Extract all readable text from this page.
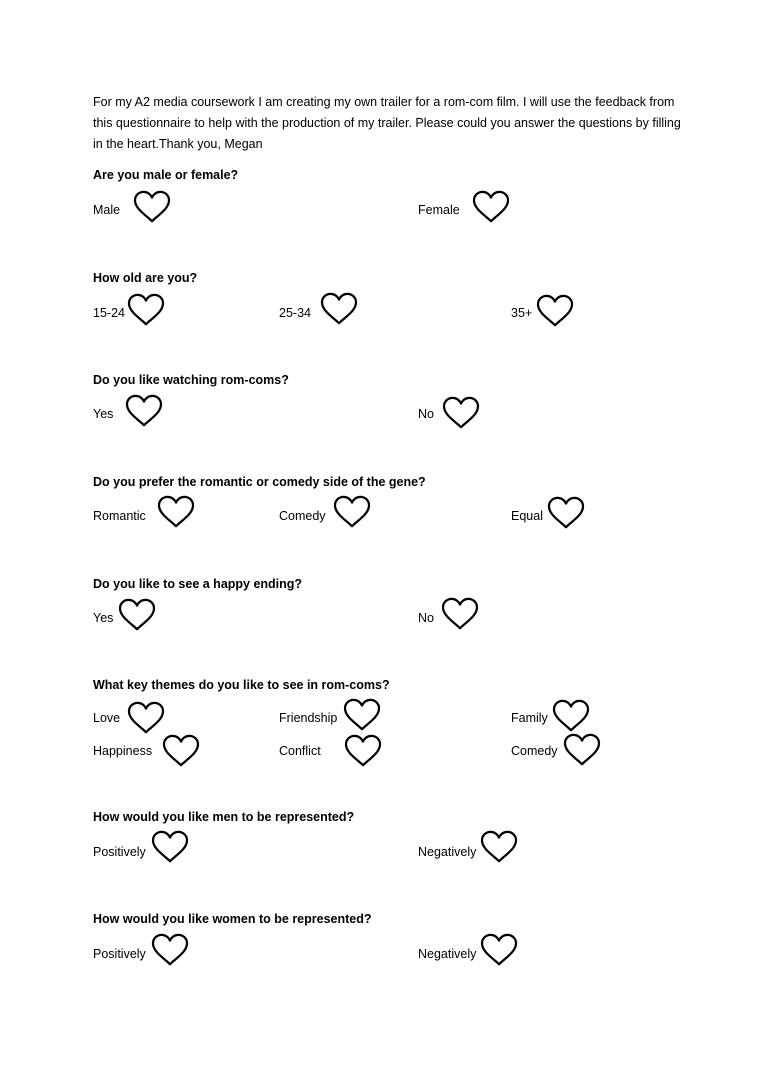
For my A2 media coursework I am creating my own trailer for a rom-com film. I will use the feedback from this questionnaire to help with the production of my trailer. Please could you answer the questions by filling in the heart.Thank you, Megan
Are you male or female?
Male	Female
How old are you?
15-24	25-34	35+
Do you like watching rom-coms?
Yes	No
Do you prefer the romantic or comedy side of the gene?
Romantic	Comedy	Equal
Do you like to see a happy ending?
Yes	No
What key themes do you like to see in rom-coms?
Love	Friendship	Family
Happiness	Conflict	Comedy
How would you like men to be represented?
Positively	Negatively
How would you like women to be represented?
Positively	Negatively
